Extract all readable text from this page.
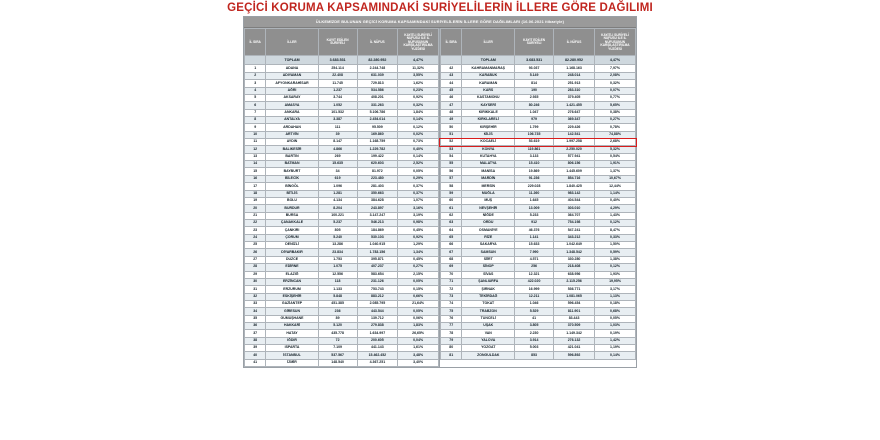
GEÇİCİ KORUMA KAPSAMINDAKİ SURİYELİLERİN İLLERE GÖRE DAĞILIMI
ÜLKEMİZDE BULUNAN GEÇİCİ KORUMA KAPSAMINDAKİ SURİYELİLERİN İLLERE GÖRE DAĞILIMLARI (16.06.2021 itibariyle)
İL SIRA	İLLER	KAYIT EDİLEN SURİYELİ	İL NÜFUS	KAYITLI SURİYELİ NÜFUSU İLE İL NÜFUSUNUN KARŞILAŞTIRILMA YÜZDESİ
	TOPLAM	3.683.531	82.280.952	4,47%
1	ADANA	254.114	2.244.748	11,32%
2	ADIYAMAN	22.408	631.039	3,55%
3	AFYONKARAHİSAR	11.745	729.813	1,62%
4	AĞRI	1.237	534.586	0,23%
5	AKSARAY	3.744	408.201	0,92%
6	AMASYA	1.052	331.263	0,32%
7	ANKARA	101.532	5.106.786	1,84%
8	ANTALYA	3.387	2.454.014	0,14%
9	ARDAHAN	111	95.509	0,12%
10	ARTVİN	39	169.860	0,02%
11	AYDIN	8.147	1.168.759	0,73%
12	BALIKESİR	4.866	1.229.782	0,40%
13	BARTIN	269	199.422	0,14%
14	BATMAN	15.635	620.603	2,52%
15	BAYBURT	34	81.972	0,05%
16	BİLECİK	619	223.480	0,29%
17	BİNGÖL	1.096	281.403	0,37%
18	BİTLİS	1.281	350.663	0,37%
19	BOLU	4.134	384.628	1,07%
20	BURDUR	8.204	243.897	3,16%
21	BURSA	100.221	3.147.247	3,19%
22	ÇANAKKALE	5.237	546.213	0,98%
23	ÇANKIRI	805	184.869	0,45%
24	ÇORUM	5.240	530.103	0,92%
25	DENİZLİ	13.286	1.040.915	1,29%
26	DİYARBAKIR	23.834	1.783.156	1,34%
27	DÜZCE	1.753	395.871	0,45%
28	EDİRNE	1.075	407.237	0,27%
29	ELAZIĞ	12.556	583.654	2,15%
30	ERZİNCAN	118	231.126	0,05%
31	ERZURUM	1.133	753.743	0,15%
32	ESKİŞEHİR	5.848	883.212	0,66%
33	GAZİANTEP	451.385	2.085.795	21,64%
34	GİRESUN	236	443.544	0,05%
35	GÜMÜŞHANE	89	139.712	0,06%
36	HAKKARİ	5.120	279.838	1,83%
37	HATAY	435.778	1.634.997	26,65%
38	IĞDIR	72	200.605	0,04%
39	ISPARTA	7.109	441.143	1,61%
40	İSTANBUL	537.567	15.462.452	3,48%
41	İZMİR	148.540	4.367.251	3,40%
İL SIRA	İLLER	KAYIT EDİLEN SURİYELİ	İL NÜFUS	KAYITLI SURİYELİ NÜFUSU İLE İL NÜFUSUNUN KARŞILAŞTIRILMA YÜZDESİ
	TOPLAM	3.683.531	82.280.952	4,47%
42	KAHRAMANMARAŞ	93.037	1.168.163	7,97%
43	KARABÜK	5.149	248.014	2,08%
44	KARAMAN	814	251.913	0,32%
45	KARS	190	283.310	0,07%
46	KASTAMONU	2.935	379.405	0,77%
47	KAYSERİ	80.246	1.421.455	5,65%
48	KIRIKKALE	1.047	276.647	0,38%
49	KIRKLARELİ	979	369.347	0,27%
50	KIRŞEHİR	1.799	229.426	0,78%
51	KİLİS	106.735	142.541	74,88%
52	KOCAELİ	53.619	1.997.258	2,68%
53	KONYA	119.861	2.250.020	5,32%
54	KÜTAHYA	3.133	577.941	0,54%
55	MALATYA	15.410	806.156	1,91%
56	MANİSA	19.869	1.445.609	1,37%
57	MARDİN	91.236	854.716	10,67%
58	MERSİN	229.028	1.840.425	12,44%
59	MUĞLA	11.260	983.142	1,14%
60	MUŞ	1.645	404.544	0,40%
61	NEVŞEHİR	13.009	303.010	4,29%
62	NİĞDE	5.233	364.707	1,43%
63	ORDU	912	754.198	0,12%
64	OSMANİYE	46.376	547.241	8,47%
65	RİZE	1.141	343.212	0,33%
66	SAKARYA	15.633	1.042.649	1,50%
67	SAMSUN	7.990	1.348.542	0,59%
68	SİİRT	4.571	330.280	1,38%
69	SİNOP	256	218.408	0,12%
70	SİVAS	12.321	638.956	1,93%
71	ŞANLIURFA	422.020	2.115.256	19,95%
72	ŞIRNAK	16.999	536.771	3,17%
73	TEKİRDAĞ	12.211	1.081.065	1,13%
74	TOKAT	1.046	596.454	0,18%
75	TRABZON	5.529	811.901	0,68%
76	TUNCELİ	41	83.443	0,05%
77	UŞAK	3.805	370.509	1,03%
78	VAN	2.230	1.149.342	0,19%
79	YALOVA	3.914	276.132	1,42%
80	YOZGAT	5.003	421.041	1,19%
81	ZONGULDAK	853	596.892	0,14%
